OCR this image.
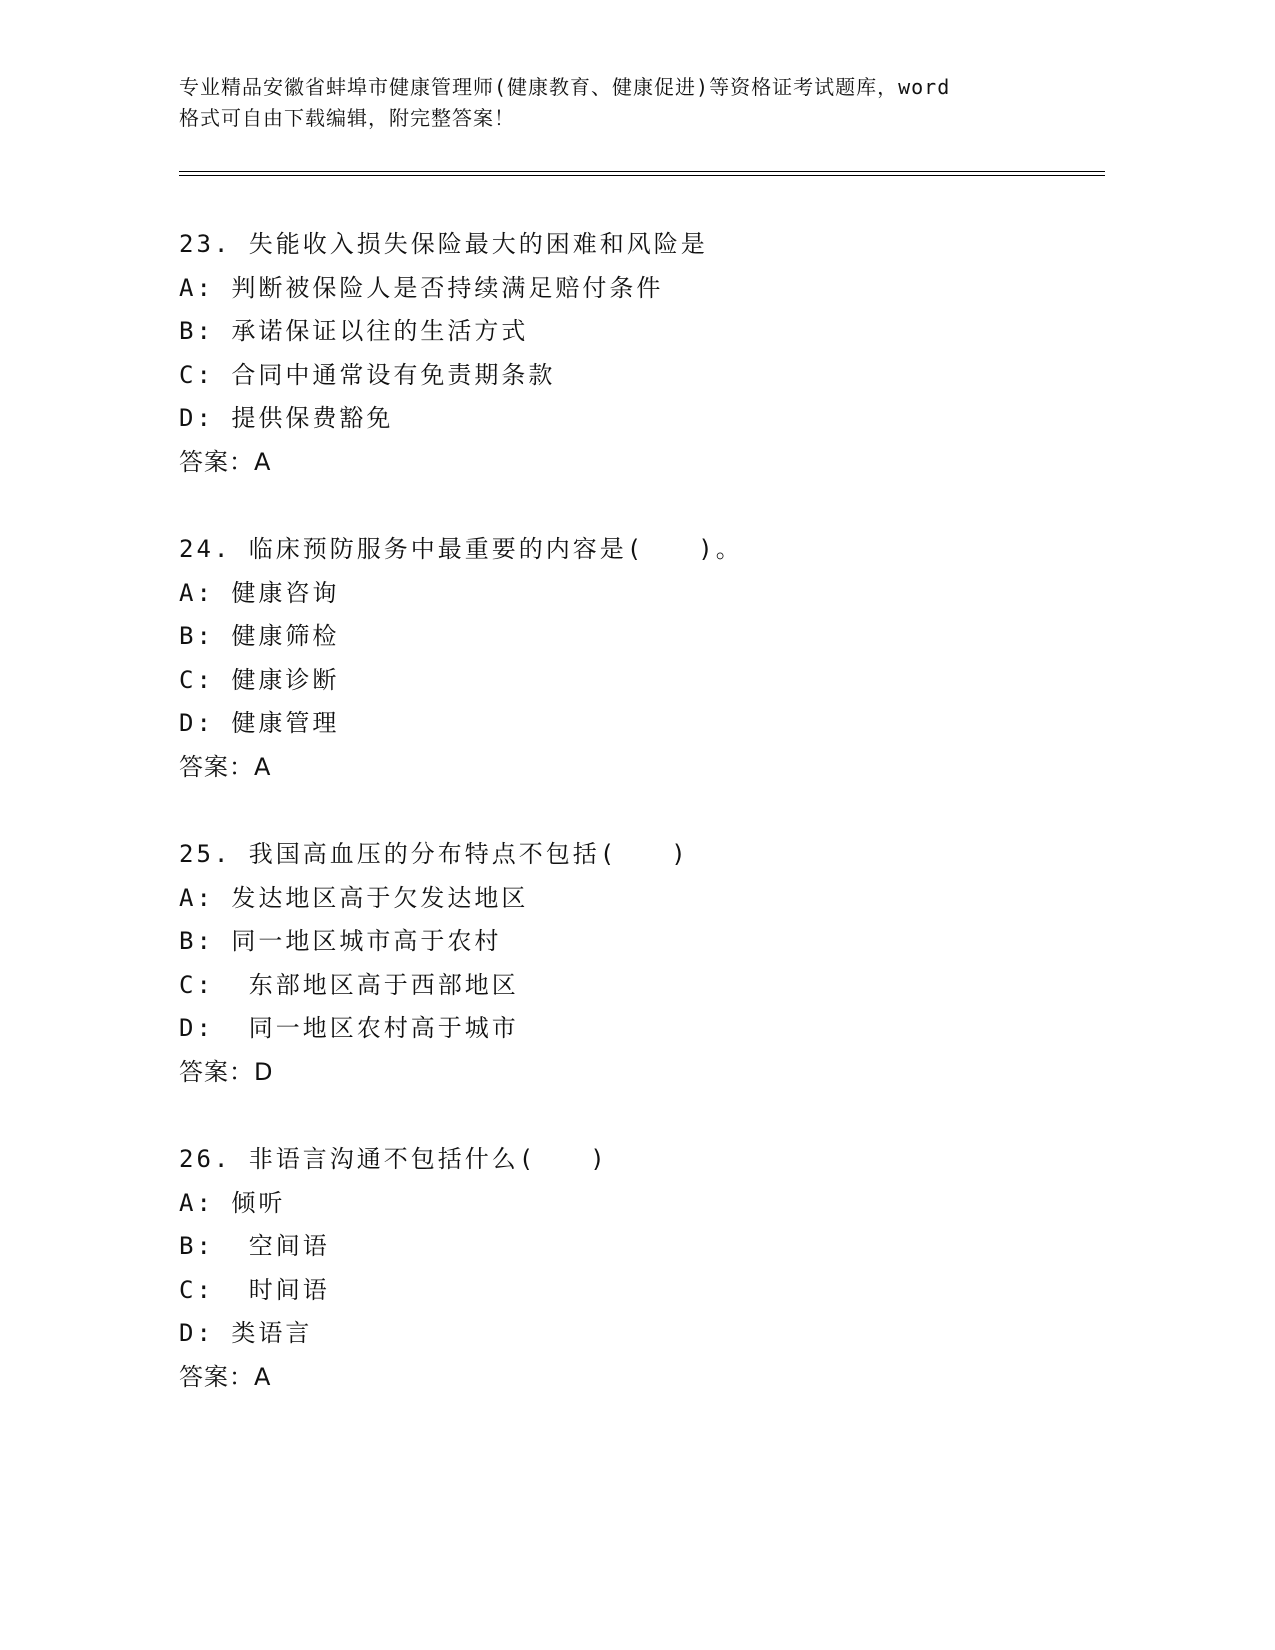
专业精品安徽省蚌埠市健康管理师(健康教育、健康促进)等资格证考试题库，word
格式可自由下载编辑，附完整答案！
23. 失能收入损失保险最大的困难和风险是
A: 判断被保险人是否持续满足赔付条件
B: 承诺保证以往的生活方式
C: 合同中通常设有免责期条款
D: 提供保费豁免
答案：A
24. 临床预防服务中最重要的内容是(　　)。
A: 健康咨询
B: 健康筛检
C: 健康诊断
D: 健康管理
答案：A
25. 我国高血压的分布特点不包括(　　)
A: 发达地区高于欠发达地区
B: 同一地区城市高于农村
C:  东部地区高于西部地区
D:  同一地区农村高于城市
答案：D
26. 非语言沟通不包括什么(　　)
A: 倾听
B:  空间语
C:  时间语
D: 类语言
答案：A
